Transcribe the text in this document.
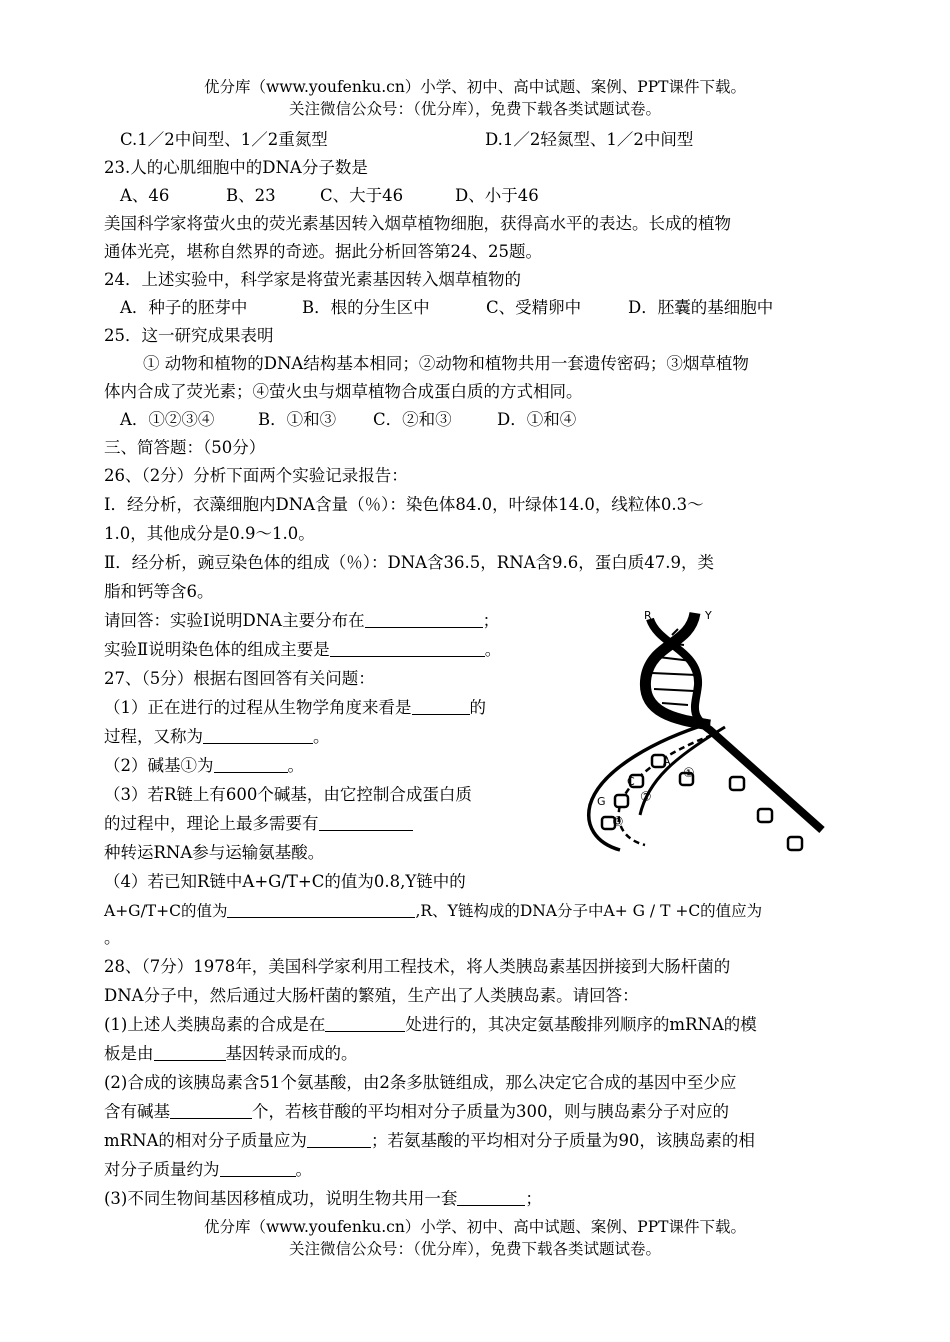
优分库（www.youfenku.cn）小学、初中、高中试题、案例、PPT课件下载。
关注微信公众号：（优分库），免费下载各类试题试卷。
C.1／2中间型、1／2重氮型	D.1／2轻氮型、1／2中间型
23.人的心肌细胞中的DNA分子数是
A、46	B、23	C、大于46	D、小于46
美国科学家将萤火虫的荧光素基因转入烟草植物细胞，获得高水平的表达。长成的植物
通体光亮，堪称自然界的奇迹。据此分析回答第24、25题。
24．上述实验中，科学家是将萤光素基因转入烟草植物的
A．种子的胚芽中	B．根的分生区中	C、受精卵中	D．胚囊的基细胞中
25．这一研究成果表明
① 动物和植物的DNA结构基本相同；②动物和植物共用一套遗传密码；③烟草植物
体内合成了荧光素；④萤火虫与烟草植物合成蛋白质的方式相同。
A．①②③④	B．①和③ C．②和③	D．①和④
三、简答题：（50分）
26、（2分）分析下面两个实验记录报告：
Ⅰ．经分析，衣藻细胞内DNA含量（％）：染色体84.0，叶绿体14.0，线粒体0.3～
1.0，其他成分是0.9～1.0。
Ⅱ．经分析，豌豆染色体的组成（％）：DNA含36.5，RNA含9.6，蛋白质47.9，类
脂和钙等含6。
请回答：实验Ⅰ说明DNA主要分布在	；
实验Ⅱ说明染色体的组成主要是	。
27、（5分）根据右图回答有关问题：
（1）正在进行的过程从生物学角度来看是	的
过程，又称为	。
（2）碱基①为	。
（3）若R链上有600个碱基，由它控制合成蛋白质
的过程中，理论上最多需要有
种转运RNA参与运输氨基酸。
（4）若已知R链中A+G/T+C的值为0.8,Y链中的
A+G/T+C的值为	,R、Y链构成的DNA分子中A+ G / T +C的值应为
。
R	Y
A
C
G
①
②
③
28、（7分）1978年，美国科学家利用工程技术，将人类胰岛素基因拼接到大肠杆菌的
DNA分子中，然后通过大肠杆菌的繁殖，生产出了人类胰岛素。请回答：
(1)上述人类胰岛素的合成是在	处进行的，其决定氨基酸排列顺序的mRNA的模
板是由	基因转录而成的。
(2)合成的该胰岛素含51个氨基酸，由2条多肽链组成，那么决定它合成的基因中至少应
含有碱基	个，若核苷酸的平均相对分子质量为300，则与胰岛素分子对应的
mRNA的相对分子质量应为	；若氨基酸的平均相对分子质量为90，该胰岛素的相
对分子质量约为	。
(3)不同生物间基因移植成功，说明生物共用一套	；
优分库（www.youfenku.cn）小学、初中、高中试题、案例、PPT课件下载。
关注微信公众号：（优分库），免费下载各类试题试卷。
